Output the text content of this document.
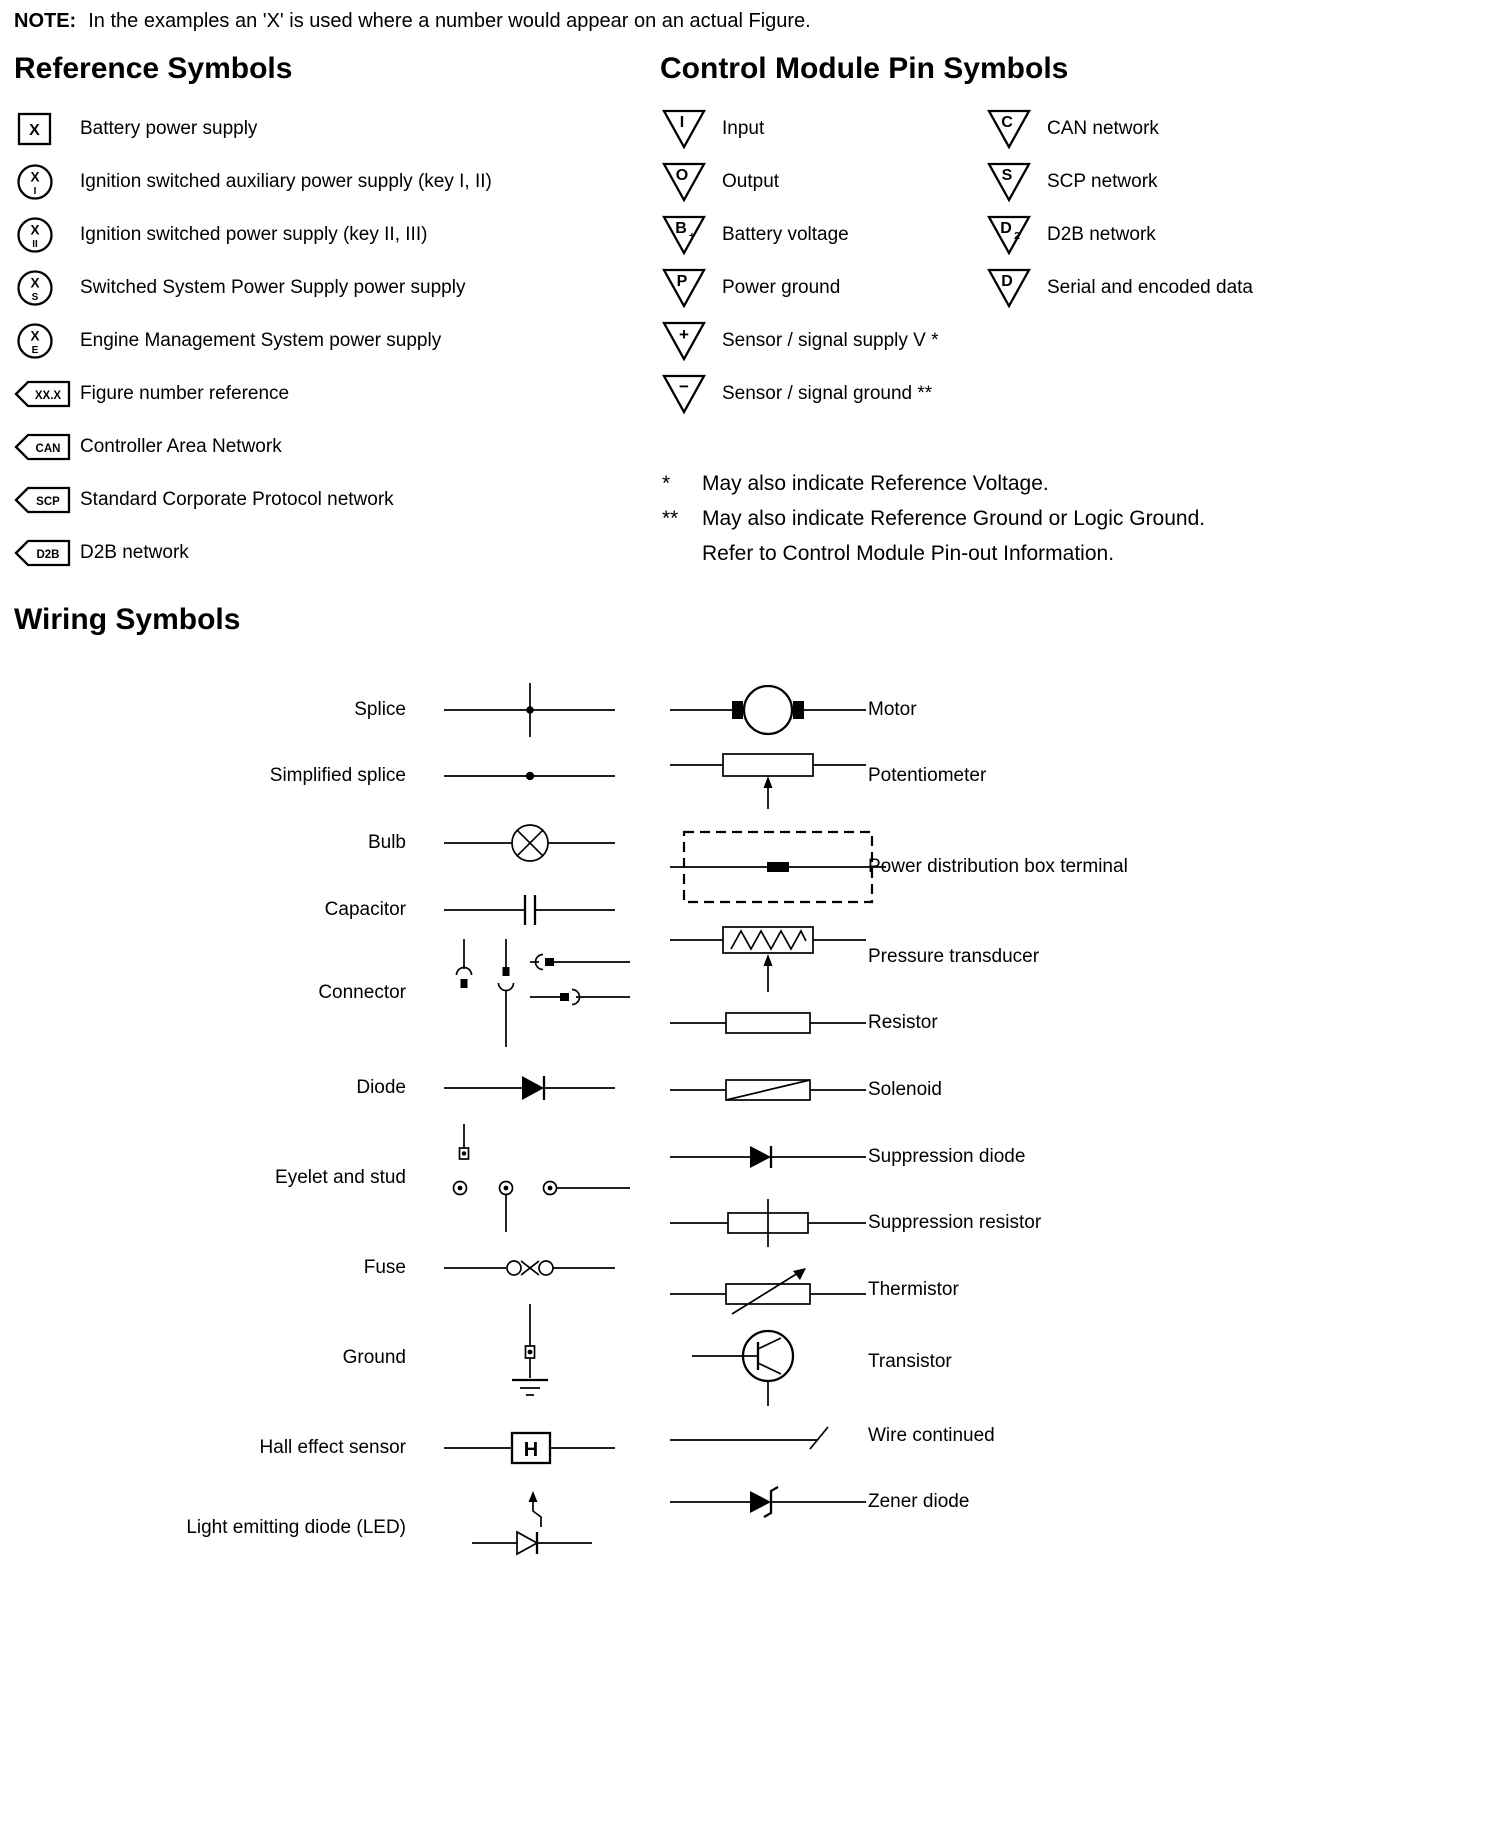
NOTE: In the examples an 'X' is used where a number would appear on an actual Figure.
Reference Symbols
X Battery power supply
X
I Ignition switched auxiliary power supply (key I, II)
X
II Ignition switched power supply (key II, III)
X
S Switched System Power Supply power supply
X
E Engine Management System power supply
XX.X Figure number reference
CAN Controller Area Network
SCP Standard Corporate Protocol network
D2B D2B network
Control Module Pin Symbols
I Input
O Output
B + Battery voltage
P Power ground
+ Sensor / signal supply V *
− Sensor / signal ground **
C CAN network
S SCP network
D 2 D2B network
D Serial and encoded data
*	May also indicate Reference Voltage.
**	May also indicate Reference Ground or Logic Ground.
Refer to Control Module Pin-out Information.
Wiring Symbols
Splice
Simplified splice
Bulb
Capacitor
Connector
Diode
Eyelet and stud
Fuse
Ground
Hall effect sensor	H
Light emitting diode (LED)
Motor
Potentiometer
Power distribution box terminal
Pressure transducer
Resistor
Solenoid
Suppression diode
Suppression resistor
Thermistor
Transistor
Wire continued
Zener diode
